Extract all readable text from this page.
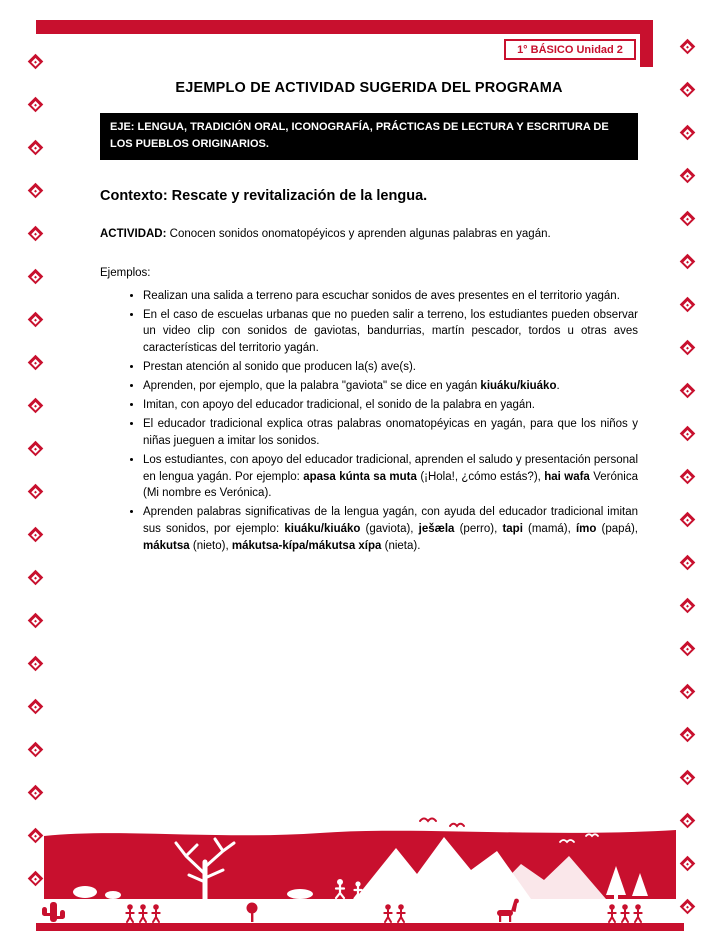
1° BÁSICO Unidad 2
EJEMPLO DE ACTIVIDAD SUGERIDA DEL PROGRAMA
EJE: LENGUA, TRADICIÓN ORAL, ICONOGRAFÍA, PRÁCTICAS DE LECTURA Y ESCRITURA DE LOS PUEBLOS ORIGINARIOS.
Contexto: Rescate y revitalización de la lengua.
ACTIVIDAD: Conocen sonidos onomatopéyicos y aprenden algunas palabras en yagán.
Ejemplos:
• Realizan una salida a terreno para escuchar sonidos de aves presentes en el territorio yagán.
• En el caso de escuelas urbanas que no pueden salir a terreno, los estudiantes pueden observar un video clip con sonidos de gaviotas, bandurrias, martín pescador, tordos u otras aves características del territorio yagán.
• Prestan atención al sonido que producen la(s) ave(s).
• Aprenden, por ejemplo, que la palabra "gaviota" se dice en yagán kiuáku/kiuáko.
• Imitan, con apoyo del educador tradicional, el sonido de la palabra en yagán.
• El educador tradicional explica otras palabras onomatopéyicas en yagán, para que los niños y niñas jueguen a imitar los sonidos.
• Los estudiantes, con apoyo del educador tradicional, aprenden el saludo y presentación personal en lengua yagán. Por ejemplo: apasa kúnta sa muta (¡Hola!, ¿cómo estás?), hai wafa Verónica (Mi nombre es Verónica).
• Aprenden palabras significativas de la lengua yagán, con ayuda del educador tradicional imitan sus sonidos, por ejemplo: kiuáku/kiuáko (gaviota), ješæla (perro), tapi (mamá), ímo (papá), mákutsa (nieto), mákutsa-kípa/mákutsa xípa (nieta).
